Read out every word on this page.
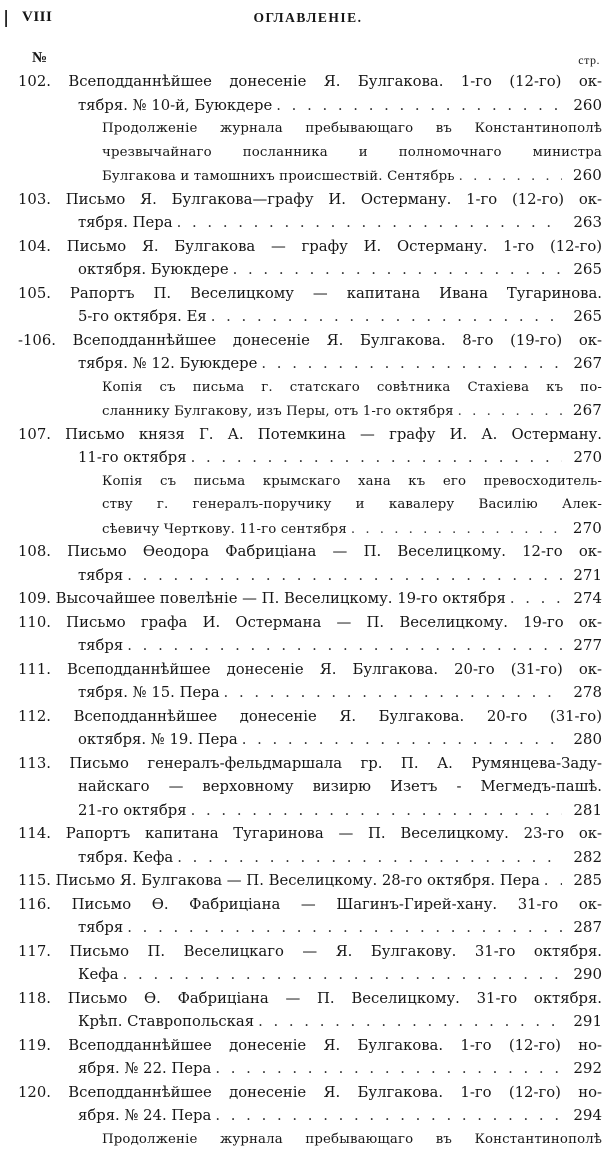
VIII	ОГЛАВЛЕНІЕ.
№	стр.
|
102. Всеподданнѣйшее донесеніе Я. Булгакова. 1-го (12-го) ок-
тября. № 10-й, Буюкдере . . .	260
Продолженіе журнала пребывающаго въ Константинополѣ
чрезвычайнаго посланника и полномочнаго министра
Булгакова и тамошнихъ происшествій. Сентябрь . . .	260
103. Письмо Я. Булгакова—графу И. Остерману. 1-го (12-го) ок-
тября. Пера . . .	263
104. Письмо Я. Булгакова — графу И. Остерману. 1-го (12-го)
октября. Буюкдере . . .	265
105. Рапортъ П. Веселицкому — капитана Ивана Тугаринова.
5-го октября. Ея . . .	265
-106. Всеподданнѣйшее донесеніе Я. Булгакова. 8-го (19-го) ок-
тября. № 12. Буюкдере . . .	267
Копія съ письма г. статскаго совѣтника Стахіева къ по-
сланнику Булгакову, изъ Перы, отъ 1-го октября . . .	267
107. Письмо князя Г. А. Потемкина — графу И. А. Остерману.
11-го октября . . .	270
Копія съ письма крымскаго хана къ его превосходитель-
ству г. генералъ-поручику и кавалеру Василію Алек-
сѣевичу Черткову. 11-го сентября . . .	270
108. Письмо Ѳеодора Фабриціана — П. Веселицкому. 12-го ок-
тября . . .	271
109. Высочайшее повелѣніе — П. Веселицкому. 19-го октября . . .	274
110. Письмо графа И. Остермана — П. Веселицкому. 19-го ок-
тября . . .	277
111. Всеподданнѣйшее донесеніе Я. Булгакова. 20-го (31-го) ок-
тября. № 15. Пера . . .	278
112. Всеподданнѣйшее донесеніе Я. Булгакова. 20-го (31-го)
октября. № 19. Пера . . .	280
113. Письмо генералъ-фельдмаршала гр. П. А. Румянцева-Заду-
найскаго — верховному визирю Изетъ - Мегмедъ-пашѣ.
21-го октября . . .	281
114. Рапортъ капитана Тугаринова — П. Веселицкому. 23-го ок-
тября. Кефа . . .	282
115. Письмо Я. Булгакова — П. Веселицкому. 28-го октября. Пера . . .	285
116. Письмо Ѳ. Фабриціана — Шагинъ-Гирей-хану. 31-го ок-
тября . . .	287
117. Письмо П. Веселицкаго — Я. Булгакову. 31-го октября.
Кефа . . .	290
118. Письмо Ѳ. Фабриціана — П. Веселицкому. 31-го октября.
Крѣп. Ставропольская . . .	291
119. Всеподданнѣйшее донесеніе Я. Булгакова. 1-го (12-го) но-
ября. № 22. Пера . . .	292
120. Всеподданнѣйшее донесеніе Я. Булгакова. 1-го (12-го) но-
ября. № 24. Пера . . .	294
Продолженіе журнала пребывающаго въ Константинополѣ
